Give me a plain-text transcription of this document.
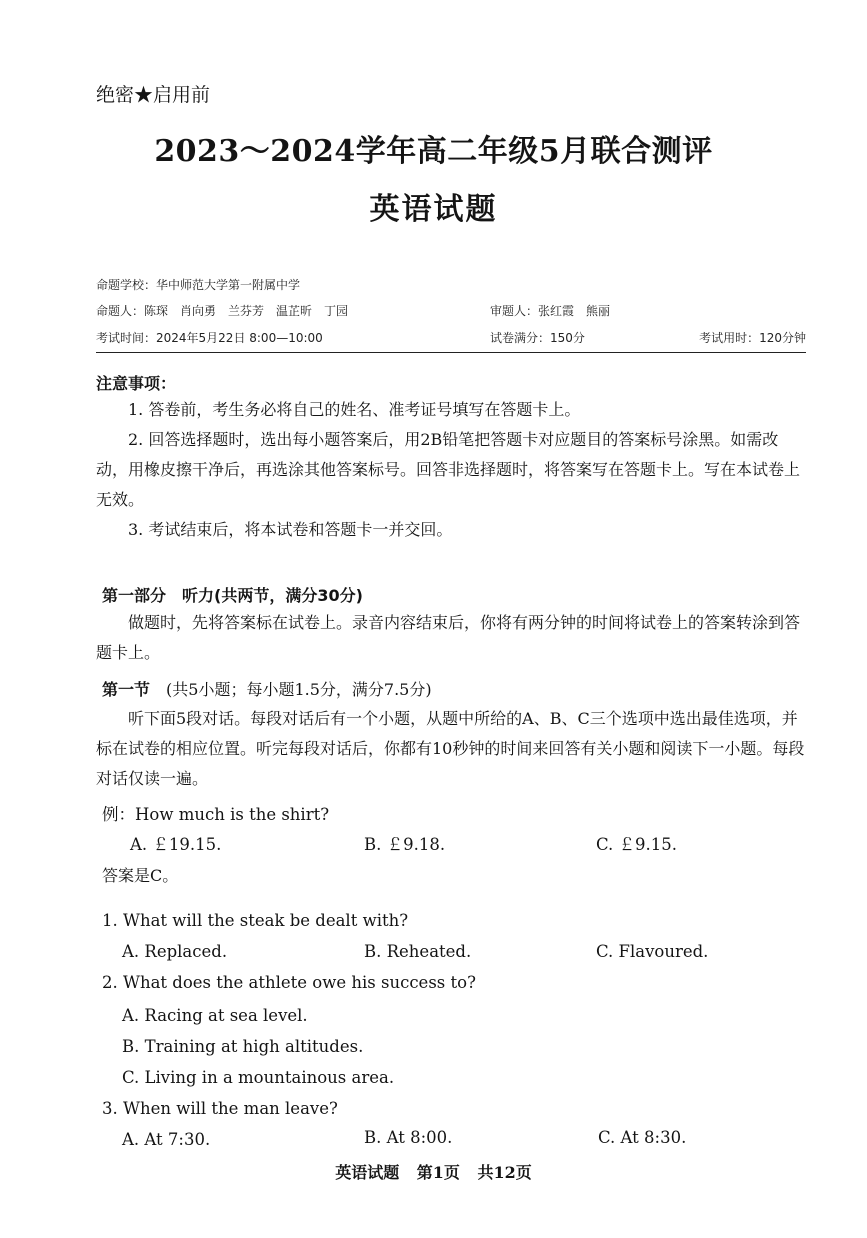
绝密★启用前
2023～2024学年高二年级5月联合测评
英语试题
命题学校：华中师范大学第一附属中学
命题人：陈琛　肖向勇　兰芬芳　温芷昕　丁园	审题人：张红霞　熊丽
考试时间：2024年5月22日 8:00—10:00	试卷满分：150分	考试用时：120分钟
注意事项：
1. 答卷前，考生务必将自己的姓名、准考证号填写在答题卡上。
2. 回答选择题时，选出每小题答案后，用2B铅笔把答题卡对应题目的答案标号涂黑。如需改动，用橡皮擦干净后，再选涂其他答案标号。回答非选择题时，将答案写在答题卡上。写在本试卷上无效。
3. 考试结束后，将本试卷和答题卡一并交回。
第一部分　听力(共两节，满分30分)
做题时，先将答案标在试卷上。录音内容结束后，你将有两分钟的时间将试卷上的答案转涂到答题卡上。
第一节　(共5小题；每小题1.5分，满分7.5分)
听下面5段对话。每段对话后有一个小题，从题中所给的A、B、C三个选项中选出最佳选项，并标在试卷的相应位置。听完每段对话后，你都有10秒钟的时间来回答有关小题和阅读下一小题。每段对话仅读一遍。
例：How much is the shirt?
A. ￡19.15.	B. ￡9.18.	C. ￡9.15.
答案是C。
1. What will the steak be dealt with?
A. Replaced.	B. Reheated.	C. Flavoured.
2. What does the athlete owe his success to?
A. Racing at sea level.
B. Training at high altitudes.
C. Living in a mountainous area.
3. When will the man leave?
A. At 7:30.	B. At 8:00.	C. At 8:30.
英语试题 第1页 共12页
